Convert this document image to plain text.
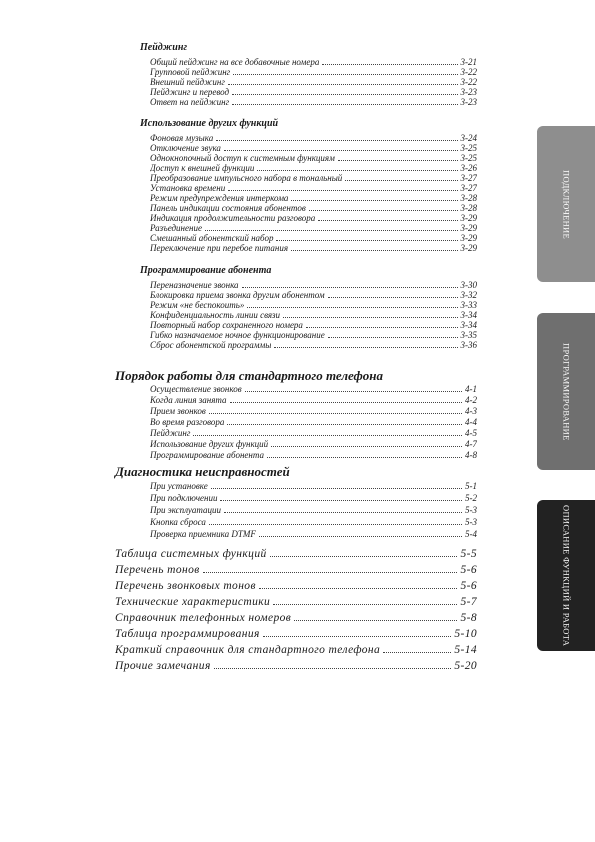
Пейджинг
Общий пейджинг на все добавочные номера	3-21
Групповой пейджинг	3-22
Внешний пейджинг	3-22
Пейджинг и перевод	3-23
Ответ на пейджинг	3-23
Использование других функций
Фоновая музыка	3-24
Отключение звука	3-25
Однокнопочный доступ к системным функциям	3-25
Доступ к внешней функции	3-26
Преобразование импульсного набора в тональный	3-27
Установка времени	3-27
Режим предупреждения интеркома	3-28
Панель индикации состояния абонентов	3-28
Индикация продолжительности разговора	3-29
Разъединение	3-29
Смешанный абонентский набор	3-29
Переключение при перебое питания	3-29
Программирование абонента
Переназначение звонка	3-30
Блокировка приема звонка другим абонентом	3-32
Режим «не беспокоить»	3-33
Конфиденциальность линии связи	3-34
Повторный набор сохраненного номера	3-34
Гибко назначаемое ночное функционирование	3-35
Сброс абонентской программы	3-36
Порядок работы для стандартного телефона
Осуществление звонков	4-1
Когда линия занята	4-2
Прием звонков	4-3
Во время разговора	4-4
Пейджинг	4-5
Использование других функций	4-7
Программирование абонента	4-8
Диагностика неисправностей
При установке	5-1
При подключении	5-2
При эксплуатации	5-3
Кнопка сброса	5-3
Проверка приемника DTMF	5-4
Таблица системных функций	5-5
Перечень тонов	5-6
Перечень звонковых тонов	5-6
Технические характеристики	5-7
Справочник телефонных номеров	5-8
Таблица программирования	5-10
Краткий справочник для стандартного телефона	5-14
Прочие замечания	5-20
ПОДКЛЮЧЕНИЕ
ПРОГРАММИРОВАНИЕ
ОПИСАНИЕ ФУНКЦИЙ И РАБОТА
